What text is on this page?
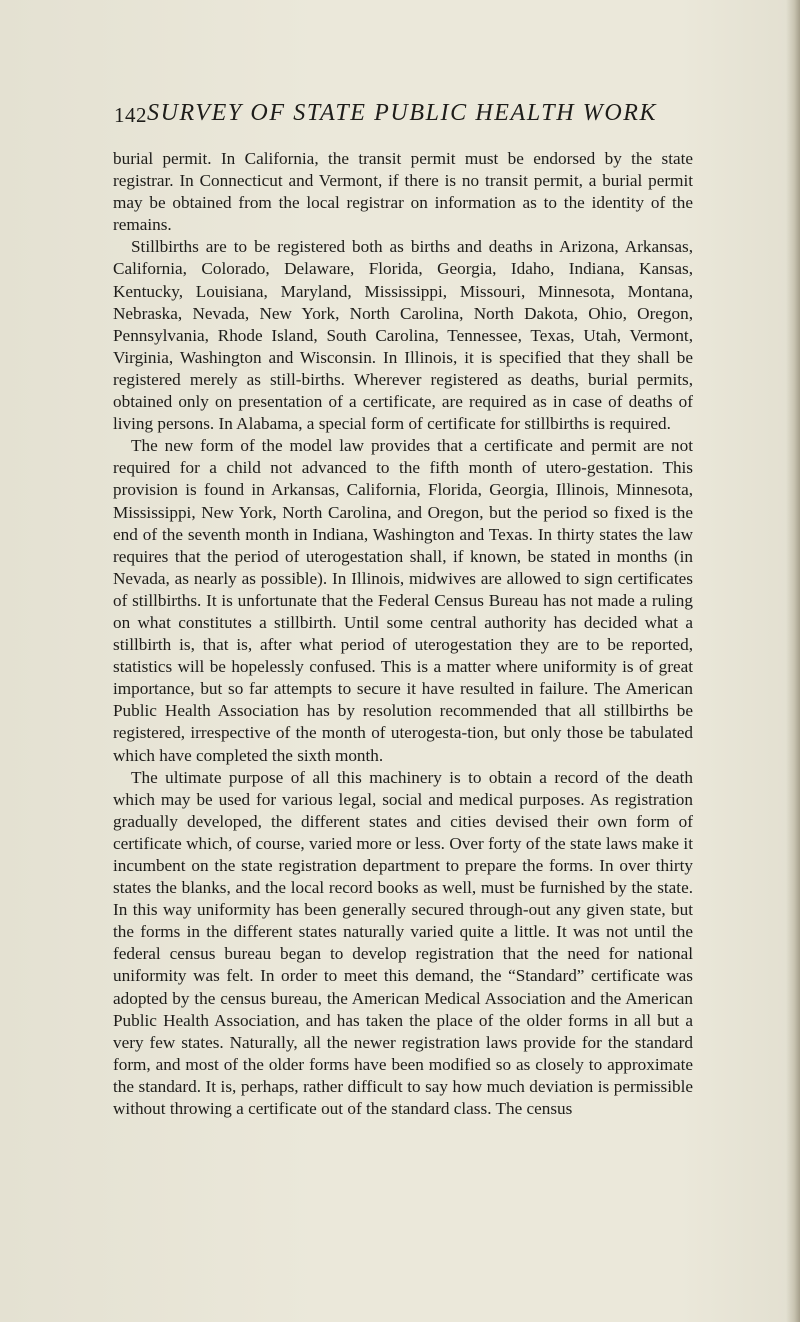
142 SURVEY OF STATE PUBLIC HEALTH WORK

burial permit. In California, the transit permit must be endorsed by the state registrar. In Connecticut and Vermont, if there is no transit permit, a burial permit may be obtained from the local registrar on information as to the identity of the remains.

Stillbirths are to be registered both as births and deaths in Arizona, Arkansas, California, Colorado, Delaware, Florida, Georgia, Idaho, Indiana, Kansas, Kentucky, Louisiana, Maryland, Mississippi, Missouri, Minnesota, Montana, Nebraska, Nevada, New York, North Carolina, North Dakota, Ohio, Oregon, Pennsylvania, Rhode Island, South Carolina, Tennessee, Texas, Utah, Vermont, Virginia, Washington and Wisconsin. In Illinois, it is specified that they shall be registered merely as still-births. Wherever registered as deaths, burial permits, obtained only on presentation of a certificate, are required as in case of deaths of living persons. In Alabama, a special form of certificate for stillbirths is required.

The new form of the model law provides that a certificate and permit are not required for a child not advanced to the fifth month of utero-gestation. This provision is found in Arkansas, California, Florida, Georgia, Illinois, Minnesota, Mississippi, New York, North Carolina, and Oregon, but the period so fixed is the end of the seventh month in Indiana, Washington and Texas. In thirty states the law requires that the period of uterogestation shall, if known, be stated in months (in Nevada, as nearly as possible). In Illinois, midwives are allowed to sign certificates of stillbirths. It is unfortunate that the Federal Census Bureau has not made a ruling on what constitutes a stillbirth. Until some central authority has decided what a stillbirth is, that is, after what period of uterogestation they are to be reported, statistics will be hopelessly confused. This is a matter where uniformity is of great importance, but so far attempts to secure it have resulted in failure. The American Public Health Association has by resolution recommended that all stillbirths be registered, irrespective of the month of uterogesta-tion, but only those be tabulated which have completed the sixth month.

The ultimate purpose of all this machinery is to obtain a record of the death which may be used for various legal, social and medical purposes. As registration gradually developed, the different states and cities devised their own form of certificate which, of course, varied more or less. Over forty of the state laws make it incumbent on the state registration department to prepare the forms. In over thirty states the blanks, and the local record books as well, must be furnished by the state. In this way uniformity has been generally secured through-out any given state, but the forms in the different states naturally varied quite a little. It was not until the federal census bureau began to develop registration that the need for national uniformity was felt. In order to meet this demand, the “Standard” certificate was adopted by the census bureau, the American Medical Association and the American Public Health Association, and has taken the place of the older forms in all but a very few states. Naturally, all the newer registration laws provide for the standard form, and most of the older forms have been modified so as closely to approximate the standard. It is, perhaps, rather difficult to say how much deviation is permissible without throwing a certificate out of the standard class. The census
